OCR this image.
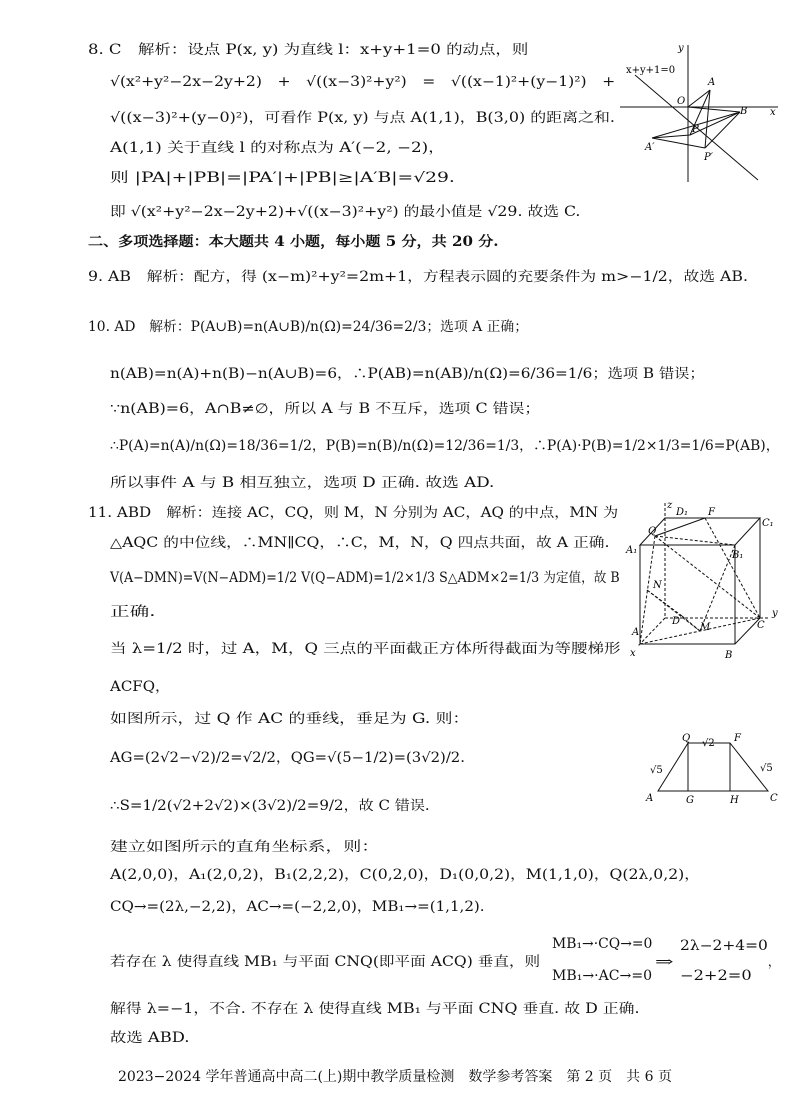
8. C　解析：设点 P(x, y) 为直线 l：x+y+1=0 的动点，则
√(x²+y²−2x−2y+2)　+　√((x−3)²+y²)　=　√((x−1)²+(y−1)²)　+
√((x−3)²+(y−0)²)，可看作 P(x, y) 与点 A(1,1)，B(3,0) 的距离之和.
A(1,1) 关于直线 l 的对称点为 A′(−2, −2)，
则 |PA|+|PB|=|PA′|+|PB|≥|A′B|=√29.
即 √(x²+y²−2x−2y+2)+√((x−3)²+y²) 的最小值是 √29. 故选 C.
二、多项选择题：本大题共 4 小题，每小题 5 分，共 20 分.
9. AB　解析：配方，得 (x−m)²+y²=2m+1，方程表示圆的充要条件为 m>−1/2，故选 AB.
10. AD　解析：P(A∪B)=n(A∪B)/n(Ω)=24/36=2/3；选项 A 正确；
n(AB)=n(A)+n(B)−n(A∪B)=6，∴P(AB)=n(AB)/n(Ω)=6/36=1/6；选项 B 错误；
∵n(AB)=6，A∩B≠∅，所以 A 与 B 不互斥，选项 C 错误；
∴P(A)=n(A)/n(Ω)=18/36=1/2，P(B)=n(B)/n(Ω)=12/36=1/3，∴P(A)·P(B)=1/2×1/3=1/6=P(AB)，
所以事件 A 与 B 相互独立，选项 D 正确. 故选 AD.
11. ABD　解析：连接 AC，CQ，则 M，N 分别为 AC，AQ 的中点，MN 为
△AQC 的中位线，∴MN∥CQ，∴C，M，N，Q 四点共面，故 A 正确.
V(A−DMN)=V(N−ADM)=1/2 V(Q−ADM)=1/2×1/3 S△ADM×2=1/3 为定值，故 B
正确.
当 λ=1/2 时，过 A，M，Q 三点的平面截正方体所得截面为等腰梯形
ACFQ，
如图所示，过 Q 作 AC 的垂线，垂足为 G. 则：
AG=(2√2−√2)/2=√2/2，QG=√(5−1/2)=(3√2)/2.
∴S=1/2(√2+2√2)×(3√2)/2=9/2，故 C 错误.
建立如图所示的直角坐标系，则：
A(2,0,0)，A₁(2,0,2)，B₁(2,2,2)，C(0,2,0)，D₁(0,0,2)，M(1,1,0)，Q(2λ,0,2)，
CQ→=(2λ,−2,2)，AC→=(−2,2,0)，MB₁→=(1,1,2).
若存在 λ 使得直线 MB₁ 与平面 CNQ(即平面 ACQ) 垂直，则
MB₁→·CQ→=0
MB₁→·AC→=0
⇒
2λ−2+4=0
−2+2=0
，
解得 λ=−1，不合. 不存在 λ 使得直线 MB₁ 与平面 CNQ 垂直. 故 D 正确.
故选 ABD.
y
x+y+1=0
A
O
B x
P
A′
P′
z
Q
D₁ F
C₁
A₁	B₁
N
D
M	C
y
A
B
x
Q √2 F
√5	√5
A	G	H	C
2023−2024 学年普通高中高二(上)期中教学质量检测　数学参考答案　第 2 页　共 6 页
